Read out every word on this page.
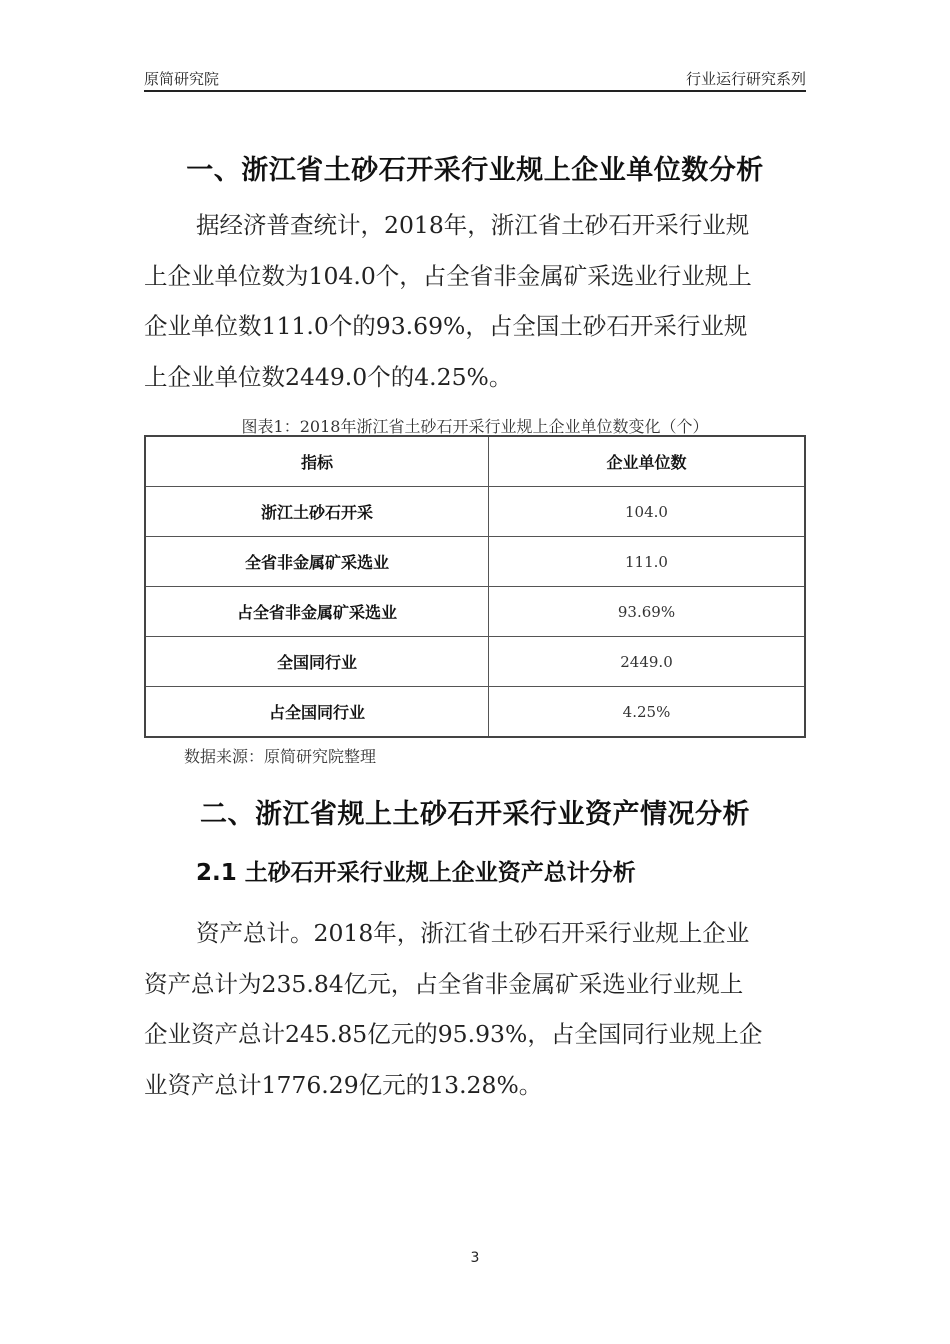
原简研究院	行业运行研究系列
一、浙江省土砂石开采行业规上企业单位数分析
据经济普查统计，2018年，浙江省土砂石开采行业规
上企业单位数为104.0个，占全省非金属矿采选业行业规上
企业单位数111.0个的93.69%，占全国土砂石开采行业规
上企业单位数2449.0个的4.25%。
图表1：2018年浙江省土砂石开采行业规上企业单位数变化（个）
指标	企业单位数
浙江土砂石开采	104.0
全省非金属矿采选业	111.0
占全省非金属矿采选业	93.69%
全国同行业	2449.0
占全国同行业	4.25%
数据来源：原简研究院整理
二、浙江省规上土砂石开采行业资产情况分析
2.1 土砂石开采行业规上企业资产总计分析
资产总计。2018年，浙江省土砂石开采行业规上企业
资产总计为235.84亿元，占全省非金属矿采选业行业规上
企业资产总计245.85亿元的95.93%，占全国同行业规上企
业资产总计1776.29亿元的13.28%。
3
